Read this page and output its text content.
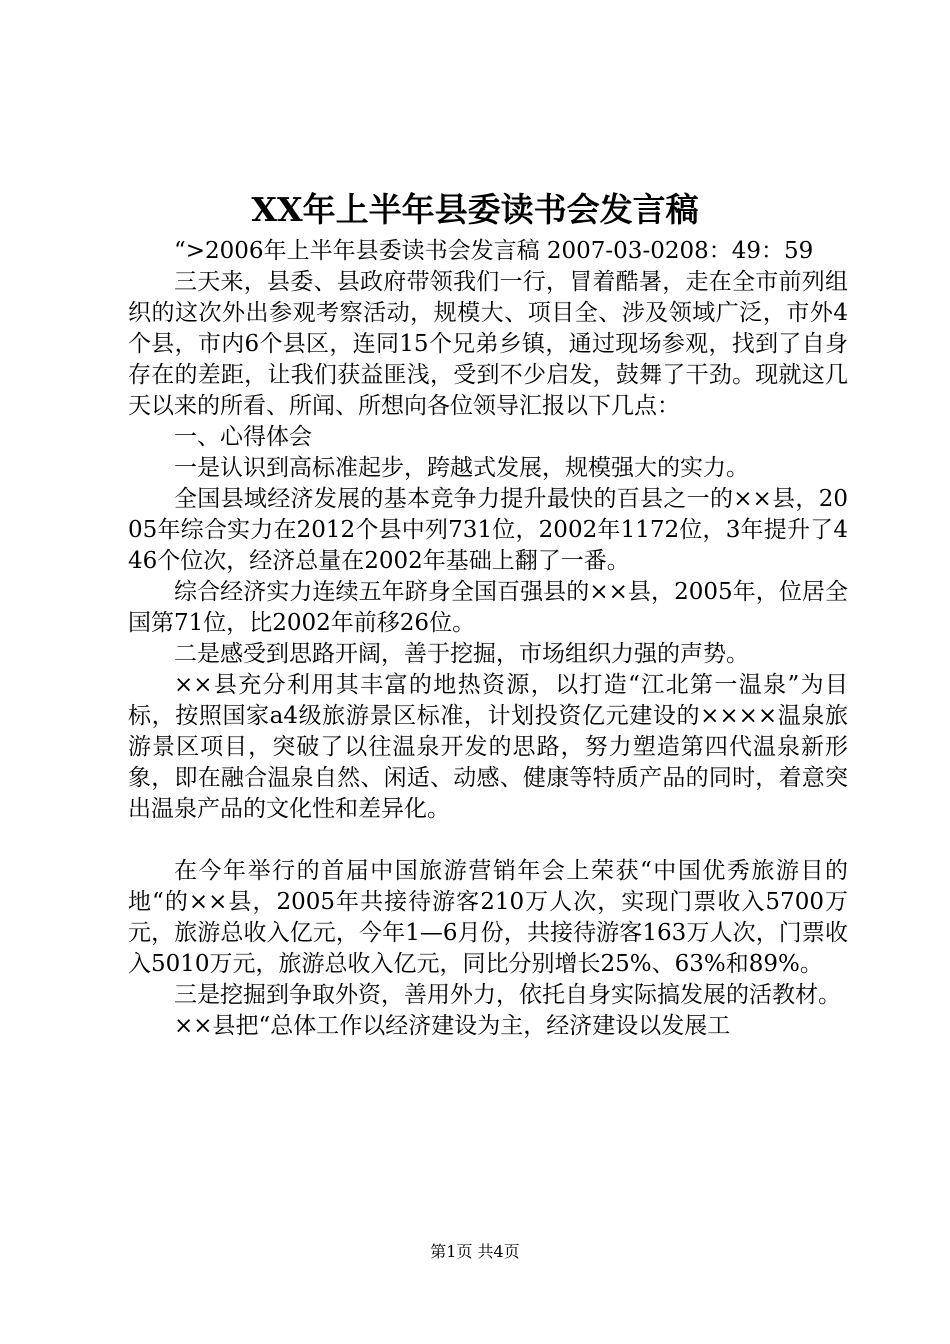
XX年上半年县委读书会发言稿

“>2006年上半年县委读书会发言稿 2007-03-0208：49：59

三天来，县委、县政府带领我们一行，冒着酷暑，走在全市前列组织的这次外出参观考察活动，规模大、项目全、涉及领域广泛，市外4个县，市内6个县区，连同15个兄弟乡镇，通过现场参观，找到了自身存在的差距，让我们获益匪浅，受到不少启发，鼓舞了干劲。现就这几天以来的所看、所闻、所想向各位领导汇报以下几点：

一、心得体会

一是认识到高标准起步，跨越式发展，规模强大的实力。

全国县域经济发展的基本竞争力提升最快的百县之一的××县，2005年综合实力在2012个县中列731位，2002年1172位，3年提升了446个位次，经济总量在2002年基础上翻了一番。

综合经济实力连续五年跻身全国百强县的××县，2005年，位居全国第71位，比2002年前移26位。

二是感受到思路开阔，善于挖掘，市场组织力强的声势。

××县充分利用其丰富的地热资源，以打造“江北第一温泉”为目标，按照国家a4级旅游景区标准，计划投资亿元建设的××××温泉旅游景区项目，突破了以往温泉开发的思路，努力塑造第四代温泉新形象，即在融合温泉自然、闲适、动感、健康等特质产品的同时，着意突出温泉产品的文化性和差异化。

在今年举行的首届中国旅游营销年会上荣获“中国优秀旅游目的地“的××县，2005年共接待游客210万人次，实现门票收入5700万元，旅游总收入亿元，今年1—6月份，共接待游客163万人次，门票收入5010万元，旅游总收入亿元，同比分别增长25%、63%和89%。

三是挖掘到争取外资，善用外力，依托自身实际搞发展的活教材。

××县把“总体工作以经济建设为主，经济建设以发展工

第1页 共4页
